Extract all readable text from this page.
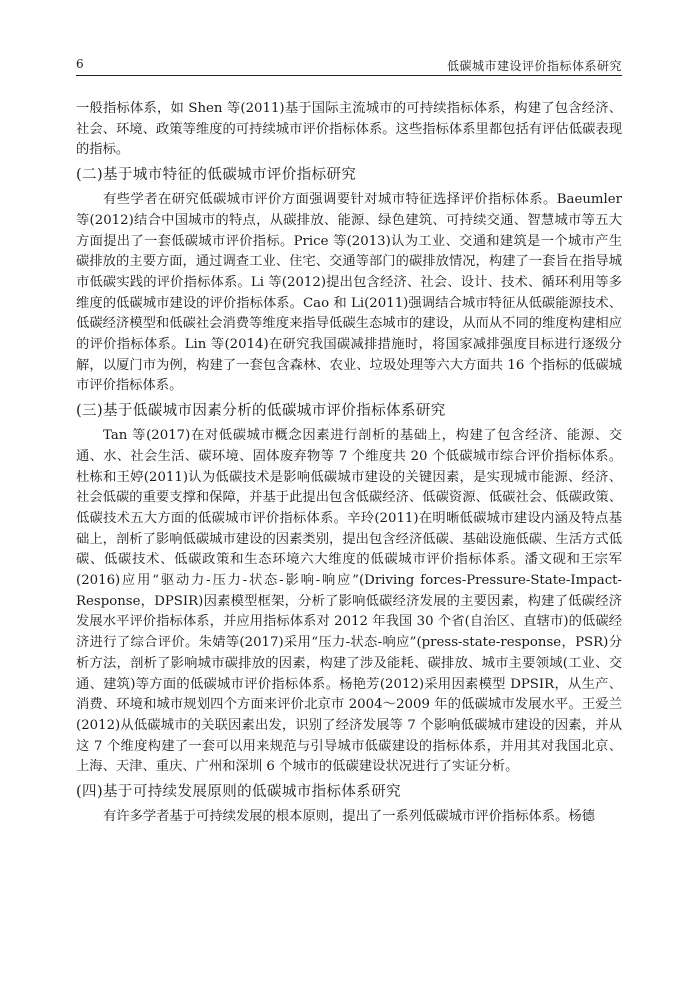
6	低碳城市建设评价指标体系研究

一般指标体系，如 Shen 等(2011)基于国际主流城市的可持续指标体系，构建了包含经济、社会、环境、政策等维度的可持续城市评价指标体系。这些指标体系里都包括有评估低碳表现的指标。

(二)基于城市特征的低碳城市评价指标研究

有些学者在研究低碳城市评价方面强调要针对城市特征选择评价指标体系。Baeumler 等(2012)结合中国城市的特点，从碳排放、能源、绿色建筑、可持续交通、智慧城市等五大方面提出了一套低碳城市评价指标。Price 等(2013)认为工业、交通和建筑是一个城市产生碳排放的主要方面，通过调查工业、住宅、交通等部门的碳排放情况，构建了一套旨在指导城市低碳实践的评价指标体系。Li 等(2012)提出包含经济、社会、设计、技术、循环利用等多维度的低碳城市建设的评价指标体系。Cao 和 Li(2011)强调结合城市特征从低碳能源技术、低碳经济模型和低碳社会消费等维度来指导低碳生态城市的建设，从而从不同的维度构建相应的评价指标体系。Lin 等(2014)在研究我国碳减排措施时，将国家减排强度目标进行逐级分解，以厦门市为例，构建了一套包含森林、农业、垃圾处理等六大方面共 16 个指标的低碳城市评价指标体系。

(三)基于低碳城市因素分析的低碳城市评价指标体系研究

Tan 等(2017)在对低碳城市概念因素进行剖析的基础上，构建了包含经济、能源、交通、水、社会生活、碳环境、固体废弃物等 7 个维度共 20 个低碳城市综合评价指标体系。杜栋和王婷(2011)认为低碳技术是影响低碳城市建设的关键因素，是实现城市能源、经济、社会低碳的重要支撑和保障，并基于此提出包含低碳经济、低碳资源、低碳社会、低碳政策、低碳技术五大方面的低碳城市评价指标体系。辛玲(2011)在明晰低碳城市建设内涵及特点基础上，剖析了影响低碳城市建设的因素类别，提出包含经济低碳、基础设施低碳、生活方式低碳、低碳技术、低碳政策和生态环境六大维度的低碳城市评价指标体系。潘文砚和王宗军(2016)应用“驱动力-压力-状态-影响-响应”(Driving forces-Pressure-State-Impact-Response，DPSIR)因素模型框架，分析了影响低碳经济发展的主要因素，构建了低碳经济发展水平评价指标体系，并应用指标体系对 2012 年我国 30 个省(自治区、直辖市)的低碳经济进行了综合评价。朱婧等(2017)采用“压力-状态-响应”(press-state-response，PSR)分析方法，剖析了影响城市碳排放的因素，构建了涉及能耗、碳排放、城市主要领域(工业、交通、建筑)等方面的低碳城市评价指标体系。杨艳芳(2012)采用因素模型 DPSIR，从生产、消费、环境和城市规划四个方面来评价北京市 2004～2009 年的低碳城市发展水平。王爱兰(2012)从低碳城市的关联因素出发，识别了经济发展等 7 个影响低碳城市建设的因素，并从这 7 个维度构建了一套可以用来规范与引导城市低碳建设的指标体系，并用其对我国北京、上海、天津、重庆、广州和深圳 6 个城市的低碳建设状况进行了实证分析。

(四)基于可持续发展原则的低碳城市指标体系研究

有许多学者基于可持续发展的根本原则，提出了一系列低碳城市评价指标体系。杨德
